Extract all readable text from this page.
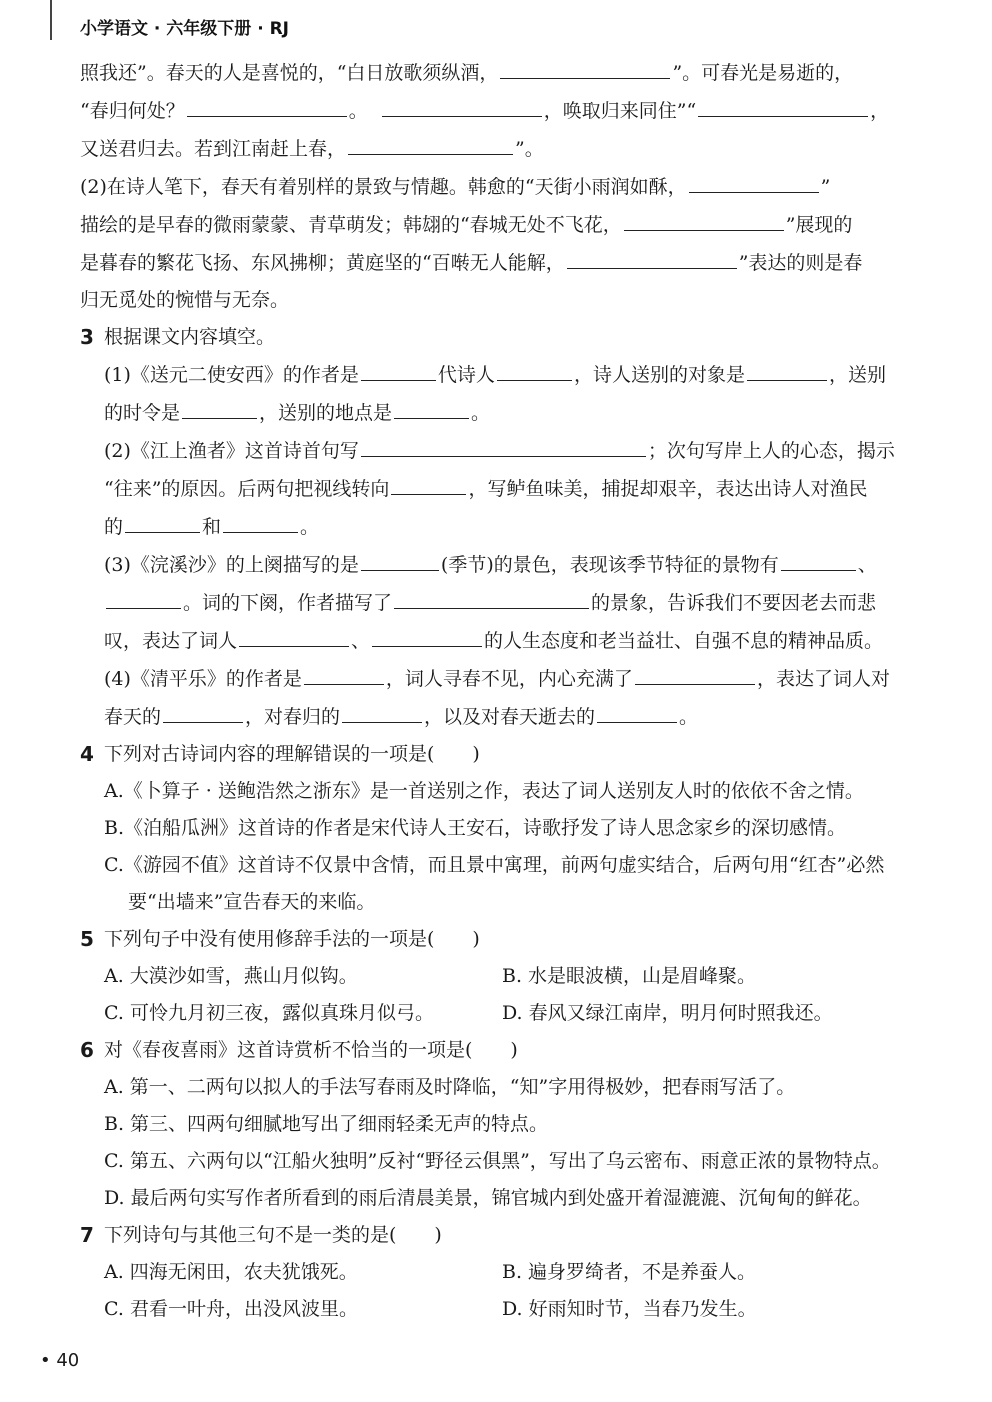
小学语文 · 六年级下册 · RJ

照我还”。春天的人是喜悦的，“白日放歌须纵酒，	”。可春光是易逝的，

“春归何处？	。	，唤取归来同住”“	，

又送君归去。若到江南赶上春，	”。

(2)在诗人笔下，春天有着别样的景致与情趣。韩愈的“天街小雨润如酥，	”
描绘的是早春的微雨蒙蒙、青草萌发；韩翃的“春城无处不飞花，	”展现的
是暮春的繁花飞扬、东风拂柳；黄庭坚的“百啭无人能解，	”表达的则是春
归无觅处的惋惜与无奈。

3 根据课文内容填空。

(1)《送元二使安西》的作者是	代诗人	，诗人送别的对象是	，送别
的时令是	，送别的地点是	。

(2)《江上渔者》这首诗首句写	；次句写岸上人的心态，揭示
“往来”的原因。后两句把视线转向	，写鲈鱼味美，捕捉却艰辛，表达出诗人对渔民
的	和	。

(3)《浣溪沙》的上阕描写的是	(季节)的景色，表现该季节特征的景物有	、
。词的下阕，作者描写了	的景象，告诉我们不要因老去而悲
叹，表达了词人	、	的人生态度和老当益壮、自强不息的精神品质。

(4)《清平乐》的作者是	，词人寻春不见，内心充满了	，表达了词人对
春天的	，对春归的	，以及对春天逝去的	。

4 下列对古诗词内容的理解错误的一项是(　　)

A.《卜算子 · 送鲍浩然之浙东》是一首送别之作，表达了词人送别友人时的依依不舍之情。

B.《泊船瓜洲》这首诗的作者是宋代诗人王安石，诗歌抒发了诗人思念家乡的深切感情。

C.《游园不值》这首诗不仅景中含情，而且景中寓理，前两句虚实结合，后两句用“红杏”必然要“出墙来”宣告春天的来临。

5 下列句子中没有使用修辞手法的一项是(　　)

A. 大漠沙如雪，燕山月似钩。	B. 水是眼波横，山是眉峰聚。
C. 可怜九月初三夜，露似真珠月似弓。	D. 春风又绿江南岸，明月何时照我还。
6 对《春夜喜雨》这首诗赏析不恰当的一项是(　　)

A. 第一、二两句以拟人的手法写春雨及时降临，“知”字用得极妙，把春雨写活了。

B. 第三、四两句细腻地写出了细雨轻柔无声的特点。

C. 第五、六两句以“江船火独明”反衬“野径云俱黑”，写出了乌云密布、雨意正浓的景物特点。

D. 最后两句实写作者所看到的雨后清晨美景，锦官城内到处盛开着湿漉漉、沉甸甸的鲜花。

7 下列诗句与其他三句不是一类的是(　　)

A. 四海无闲田，农夫犹饿死。	B. 遍身罗绮者，不是养蚕人。
C. 君看一叶舟，出没风波里。	D. 好雨知时节，当春乃发生。
• 40
